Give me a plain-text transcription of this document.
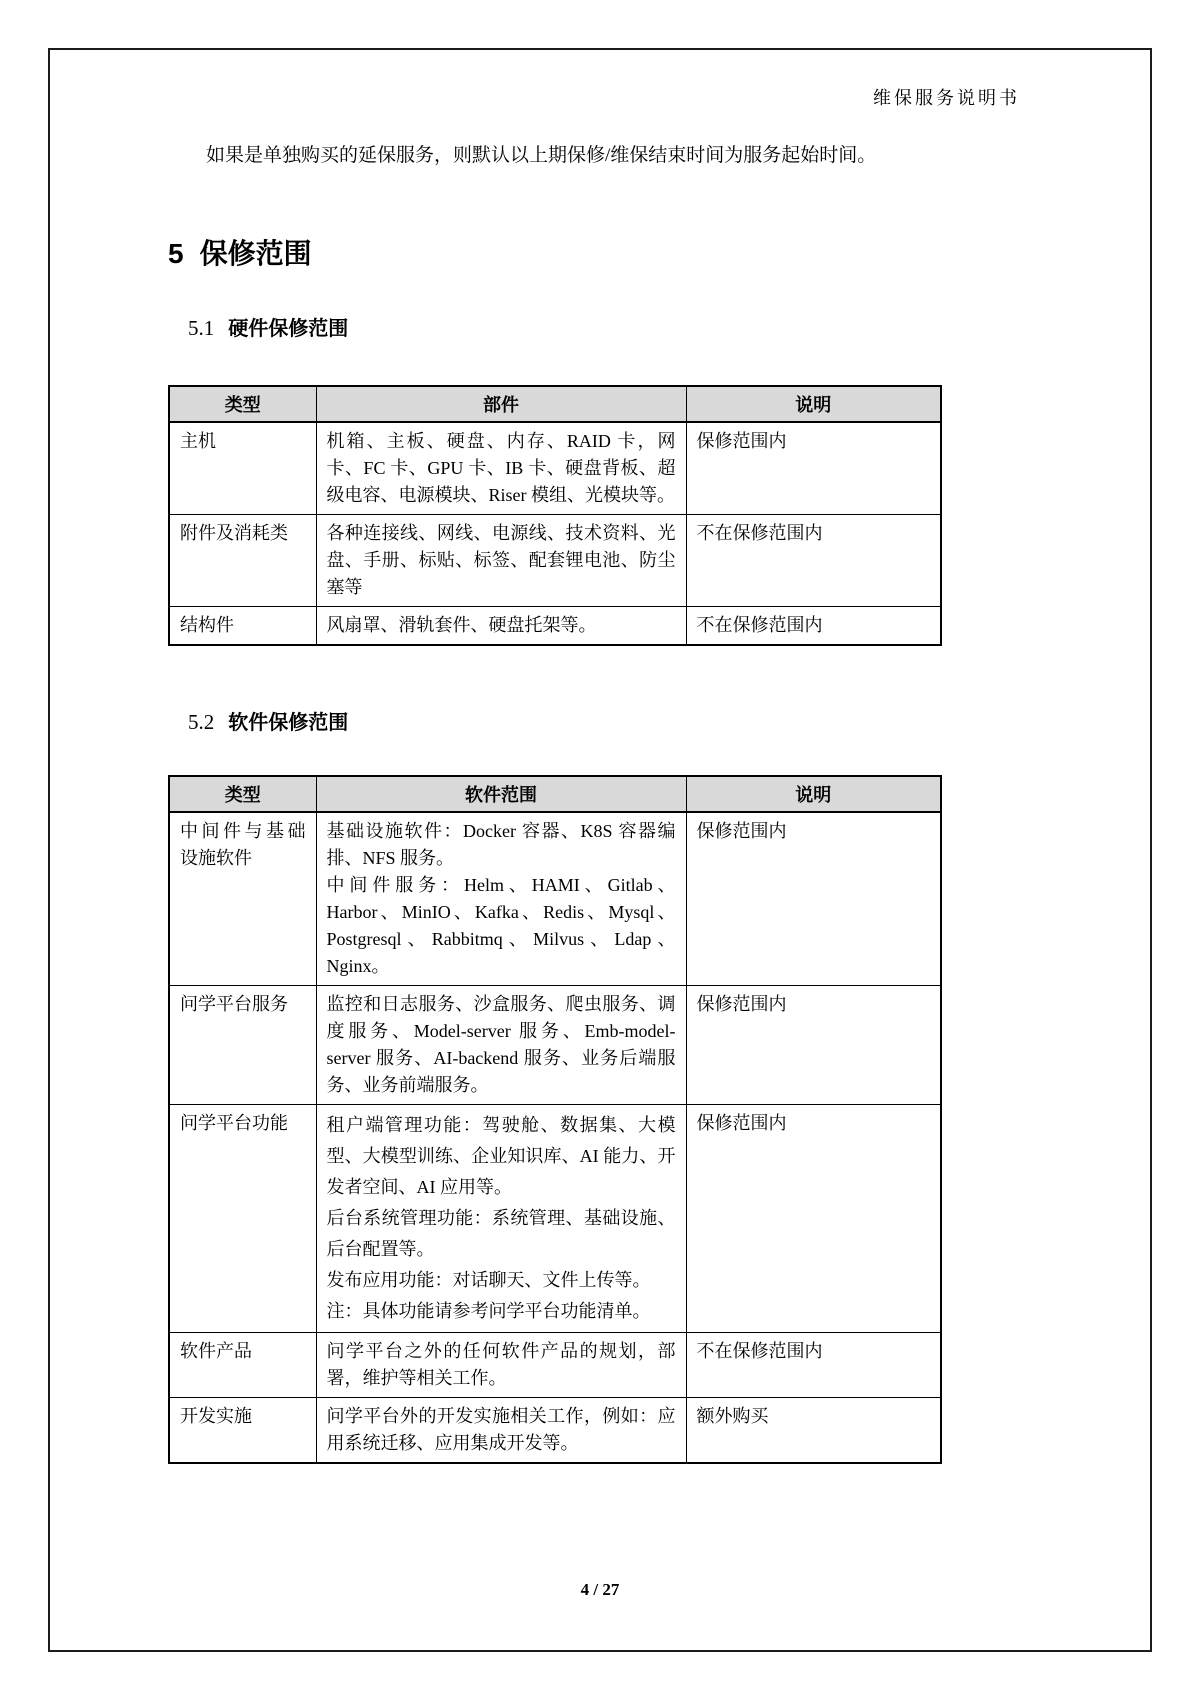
维保服务说明书

如果是单独购买的延保服务，则默认以上期保修/维保结束时间为服务起始时间。

5 保修范围
5.1 硬件保修范围
类型	部件	说明
主机	机箱、主板、硬盘、内存、RAID 卡，网卡、FC 卡、GPU 卡、IB 卡、硬盘背板、超级电容、电源模块、Riser 模组、光模块等。	保修范围内
附件及消耗类	各种连接线、网线、电源线、技术资料、光盘、手册、标贴、标签、配套锂电池、防尘塞等	不在保修范围内
结构件	风扇罩、滑轨套件、硬盘托架等。	不在保修范围内
5.2 软件保修范围
类型	软件范围	说明
中间件与基础设施软件	基础设施软件：Docker 容器、K8S 容器编排、NFS 服务。

中间件服务：Helm、HAMI、Gitlab、Harbor、MinIO、Kafka、Redis、Mysql、Postgresql、Rabbitmq、Milvus、Ldap、Nginx。	保修范围内
问学平台服务	监控和日志服务、沙盒服务、爬虫服务、调度服务、Model-server 服务、Emb-model-server 服务、AI-backend 服务、业务后端服务、业务前端服务。	保修范围内
问学平台功能	租户端管理功能：驾驶舱、数据集、大模型、大模型训练、企业知识库、AI 能力、开发者空间、AI 应用等。

后台系统管理功能：系统管理、基础设施、后台配置等。

发布应用功能：对话聊天、文件上传等。

注：具体功能请参考问学平台功能清单。	保修范围内
软件产品	问学平台之外的任何软件产品的规划，部署，维护等相关工作。	不在保修范围内
开发实施	问学平台外的开发实施相关工作，例如：应用系统迁移、应用集成开发等。	额外购买
4 / 27
